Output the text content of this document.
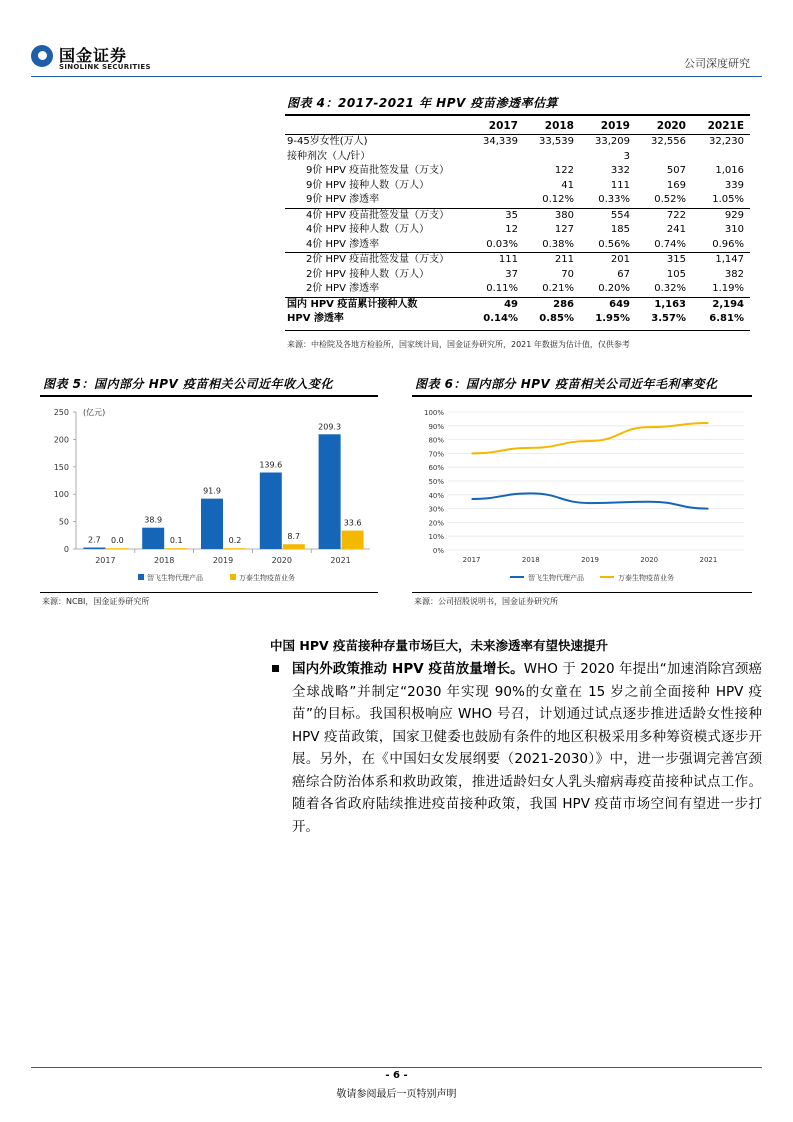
国金证券
SINOLINK SECURITIES	公司深度研究
图表 4：2017-2021 年 HPV 疫苗渗透率估算
	2017	2018	2019	2020	2021E
9-45岁女性(万人)	34,339	33,539	33,209	32,556	32,230
接种剂次（人/针）			3		
9价 HPV 疫苗批签发量（万支）		122	332	507	1,016
9价 HPV 接种人数（万人）		41	111	169	339
9价 HPV 渗透率		0.12%	0.33%	0.52%	1.05%
4价 HPV 疫苗批签发量（万支）	35	380	554	722	929
4价 HPV 接种人数（万人）	12	127	185	241	310
4价 HPV 渗透率	0.03%	0.38%	0.56%	0.74%	0.96%
2价 HPV 疫苗批签发量（万支）	111	211	201	315	1,147
2价 HPV 接种人数（万人）	37	70	67	105	382
2价 HPV 渗透率	0.11%	0.21%	0.20%	0.32%	1.19%
国内 HPV 疫苗累计接种人数	49	286	649	1,163	2,194
HPV 渗透率	0.14%	0.85%	1.95%	3.57%	6.81%
来源：中检院及各地方检验所，国家统计局，国金证券研究所，2021 年数据为估计值，仅供参考
图表 5：国内部分 HPV 疫苗相关公司近年收入变化
(亿元)
0
50
100
150
200
250
2017
2.7 0.0
2018
38.9
0.1
2019
91.9
0.2
2020
139.6
8.7
2021
209.3
33.6
智飞生物代理产品	万泰生物疫苗业务
来源：NCBI，国金证券研究所
图表 6：国内部分 HPV 疫苗相关公司近年毛利率变化
0%
10%
20%
30%
40%
50%
60%
70%
80%
90%
100%
2017	2018	2019	2020	2021
智飞生物代理产品	万泰生物疫苗业务
来源：公司招股说明书，国金证券研究所
中国 HPV 疫苗接种存量市场巨大，未来渗透率有望快速提升
国内外政策推动 HPV 疫苗放量增长。WHO 于 2020 年提出“加速消除宫颈癌全球战略”并制定“2030 年实现 90%的女童在 15 岁之前全面接种 HPV 疫苗”的目标。我国积极响应 WHO 号召，计划通过试点逐步推进适龄女性接种 HPV 疫苗政策，国家卫健委也鼓励有条件的地区积极采用多种筹资模式逐步开展。另外，在《中国妇女发展纲要（2021-2030）》中，进一步强调完善宫颈癌综合防治体系和救助政策，推进适龄妇女人乳头瘤病毒疫苗接种试点工作。随着各省政府陆续推进疫苗接种政策，我国 HPV 疫苗市场空间有望进一步打开。
- 6 -
敬请参阅最后一页特别声明
